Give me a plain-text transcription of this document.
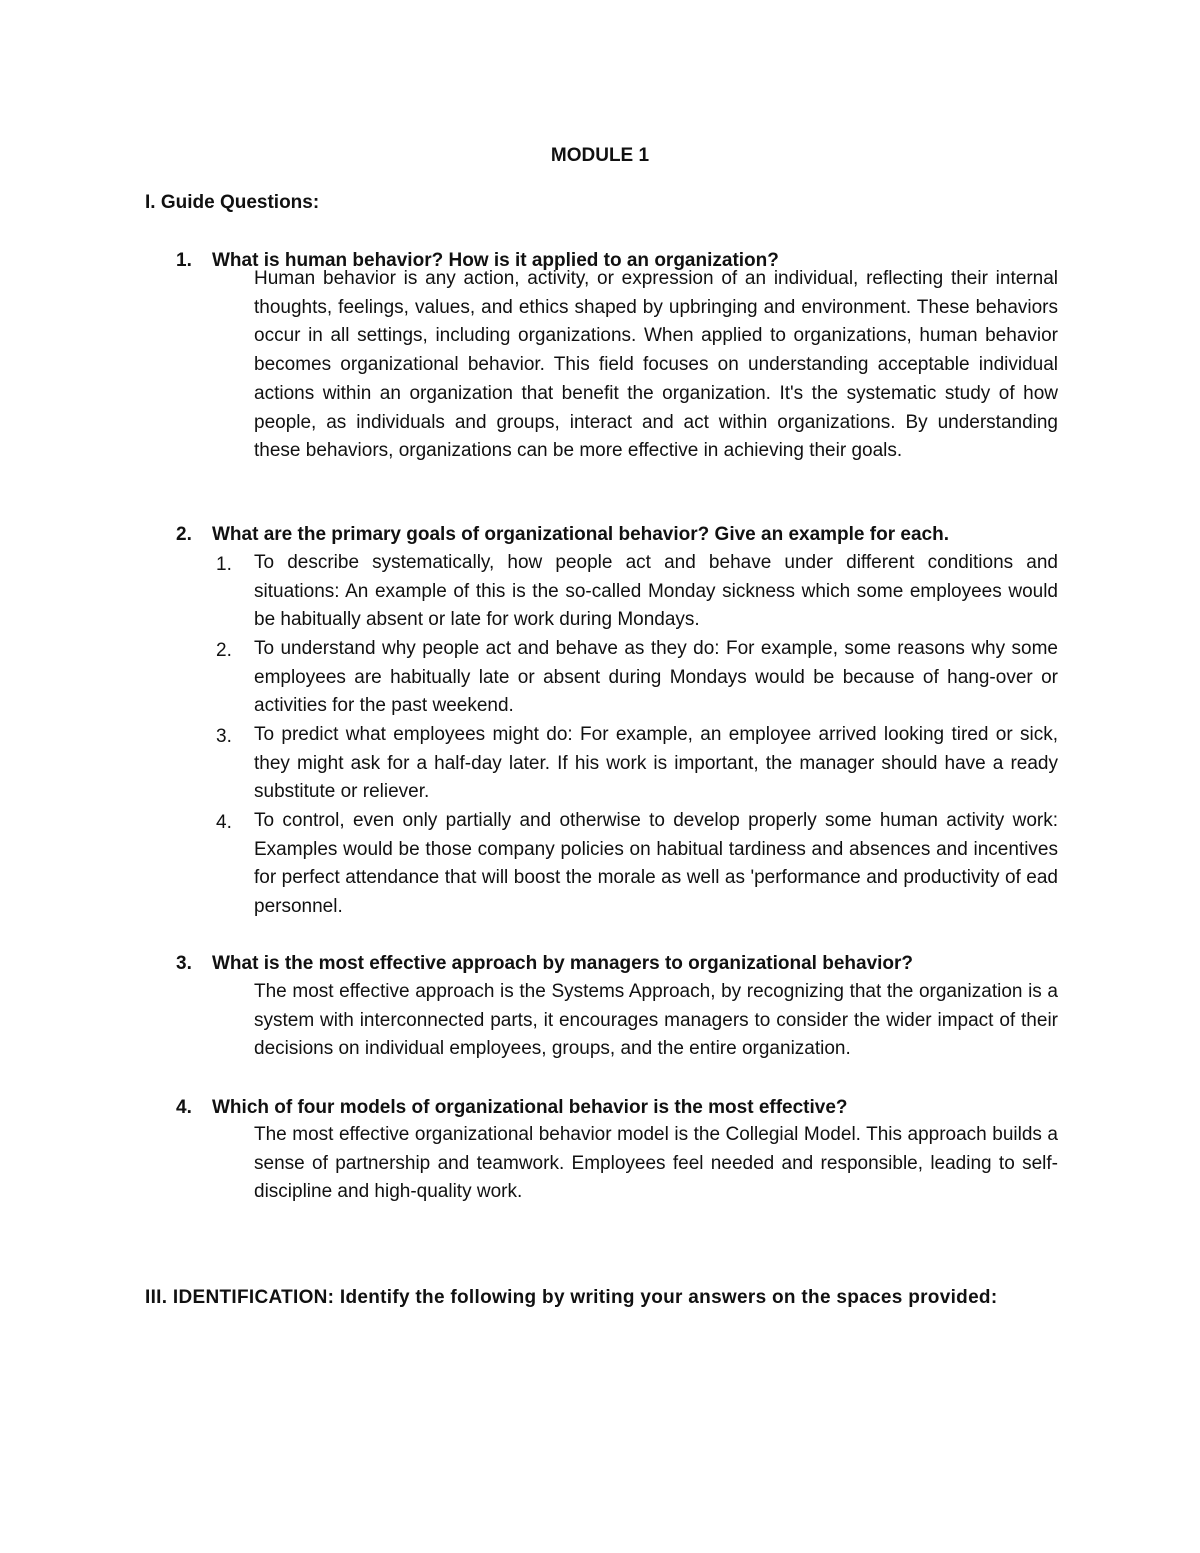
MODULE 1
I. Guide Questions:
1. What is human behavior? How is it applied to an organization?
Human behavior is any action, activity, or expression of an individual, reflecting their internal thoughts, feelings, values, and ethics shaped by upbringing and environment. These behaviors occur in all settings, including organizations. When applied to organizations, human behavior becomes organizational behavior. This field focuses on understanding acceptable individual actions within an organization that benefit the organization. It's the systematic study of how people, as individuals and groups, interact and act within organizations. By understanding these behaviors, organizations can be more effective in achieving their goals.
2. What are the primary goals of organizational behavior? Give an example for each.
1. To describe systematically, how people act and behave under different conditions and situations: An example of this is the so-called Monday sickness which some employees would be habitually absent or late for work during Mondays.
2. To understand why people act and behave as they do: For example, some reasons why some employees are habitually late or absent during Mondays would be because of hang-over or activities for the past weekend.
3. To predict what employees might do: For example, an employee arrived looking tired or sick, they might ask for a half-day later. If his work is important, the manager should have a ready substitute or reliever.
4. To control, even only partially and otherwise to develop properly some human activity work: Examples would be those company policies on habitual tardiness and absences and incentives for perfect attendance that will boost the morale as well as 'performance and productivity of ead personnel.
3. What is the most effective approach by managers to organizational behavior?
The most effective approach is the Systems Approach, by recognizing that the organization is a system with interconnected parts, it encourages managers to consider the wider impact of their decisions on individual employees, groups, and the entire organization.
4. Which of four models of organizational behavior is the most effective?
The most effective organizational behavior model is the Collegial Model. This approach builds a sense of partnership and teamwork. Employees feel needed and responsible, leading to self-discipline and high-quality work.
III. IDENTIFICATION: Identify the following by writing your answers on the spaces provided:
